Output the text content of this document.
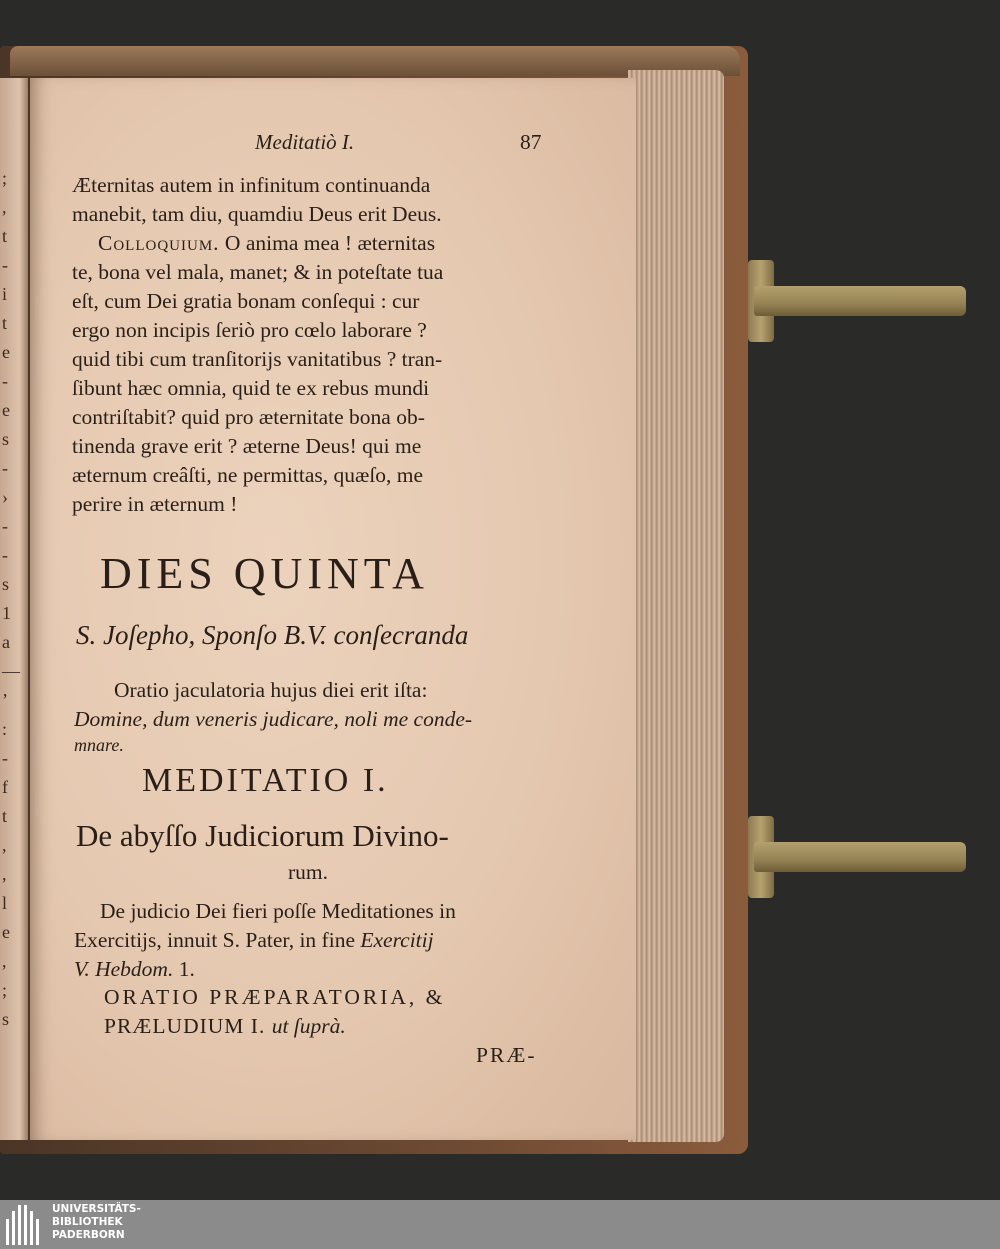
;
,
t
-
i
t
e
-
e
s
-
›
-
-
s
1
a
—
ʼ
:
-
f
t
,
,
l
e
,
;
s
Meditatiò I.	87
Æternitas autem in infinitum continuanda
manebit, tam diu, quamdiu Deus erit Deus.
Colloquium. O anima mea ! æternitas
te, bona vel mala, manet; & in poteſtate tua
eſt, cum Dei gratia bonam conſequi : cur
ergo non incipis ſeriò pro cœlo laborare ?
quid tibi cum tranſitorijs vanitatibus ? tran-
ſibunt hæc omnia, quid te ex rebus mundi
contriſtabit? quid pro æternitate bona ob-
tinenda grave erit ? æterne Deus! qui me
æternum creâſti, ne permittas, quæſo, me
perire in æternum !
DIES QUINTA
S. Joſepho, Sponſo B.V. conſecranda
Oratio jaculatoria hujus diei erit iſta:
Domine, dum veneris judicare, noli me conde-
mnare.
MEDITATIO I.
De abyſſo Judiciorum Divino-
rum.
De judicio Dei fieri poſſe Meditationes in
Exercitijs, innuit S. Pater, in fine Exercitij
V. Hebdom. 1.
ORATIO PRÆPARATORIA, &
PRÆLUDIUM I. ut ſuprà.
PRÆ-
UNIVERSITÄTS-
BIBLIOTHEK
PADERBORN
